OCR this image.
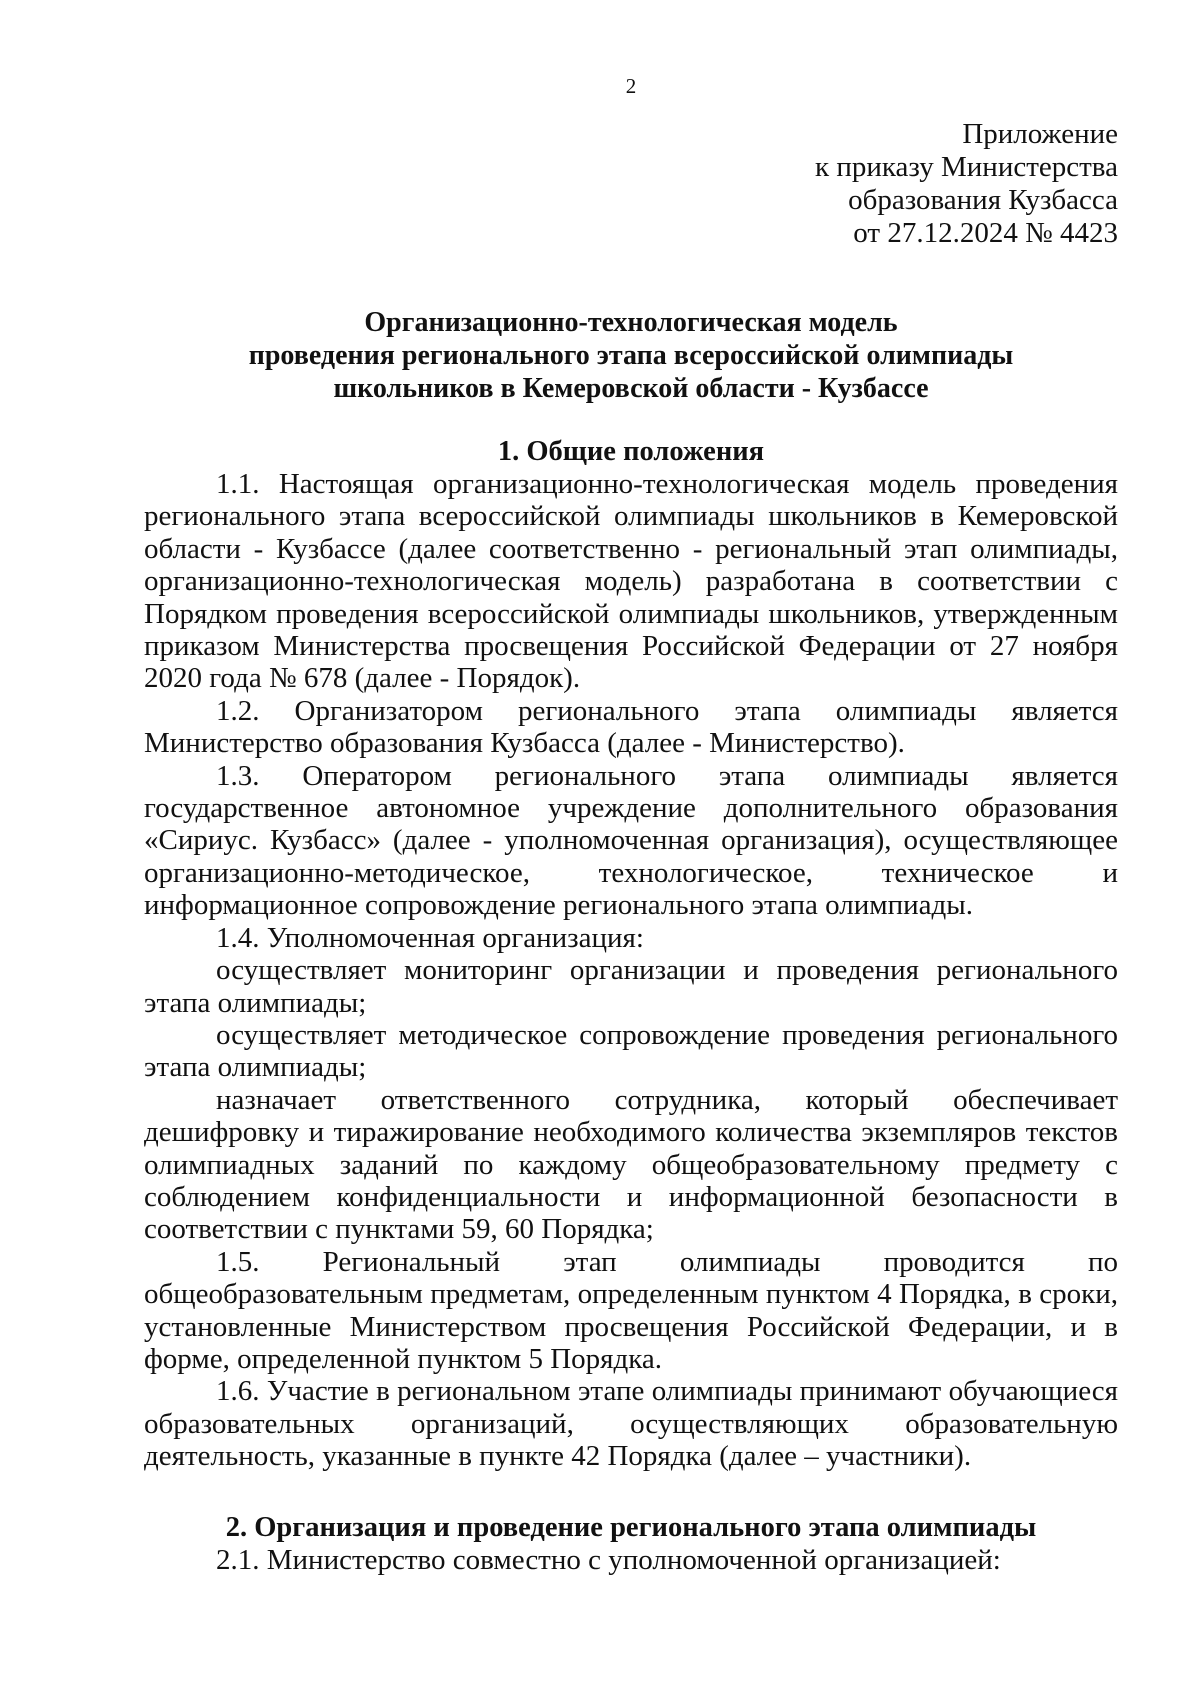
2
Приложение
к приказу Министерства
образования Кузбасса
от 27.12.2024 № 4423
Организационно-технологическая модель
проведения регионального этапа всероссийской олимпиады
школьников в Кемеровской области - Кузбассе
1. Общие положения

1.1. Настоящая организационно-технологическая модель проведения регионального этапа всероссийской олимпиады школьников в Кемеровской области - Кузбассе (далее соответственно - региональный этап олимпиады, организационно-технологическая модель) разработана в соответствии с Порядком проведения всероссийской олимпиады школьников, утвержденным приказом Министерства просвещения Российской Федерации от 27 ноября 2020 года № 678 (далее - Порядок).

1.2. Организатором регионального этапа олимпиады является Министерство образования Кузбасса (далее - Министерство).

1.3. Оператором регионального этапа олимпиады является государственное автономное учреждение дополнительного образования «Сириус. Кузбасс» (далее - уполномоченная организация), осуществляющее организационно-методическое, технологическое, техническое и информационное сопровождение регионального этапа олимпиады.

1.4. Уполномоченная организация:

осуществляет мониторинг организации и проведения регионального этапа олимпиады;

осуществляет методическое сопровождение проведения регионального этапа олимпиады;

назначает ответственного сотрудника, который обеспечивает дешифровку и тиражирование необходимого количества экземпляров текстов олимпиадных заданий по каждому общеобразовательному предмету с соблюдением конфиденциальности и информационной безопасности в соответствии с пунктами 59, 60 Порядка;

1.5. Региональный этап олимпиады проводится по общеобразовательным предметам, определенным пунктом 4 Порядка, в сроки, установленные Министерством просвещения Российской Федерации, и в форме, определенной пунктом 5 Порядка.

1.6. Участие в региональном этапе олимпиады принимают обучающиеся образовательных организаций, осуществляющих образовательную деятельность, указанные в пункте 42 Порядка (далее – участники).

2. Организация и проведение регионального этапа олимпиады

2.1. Министерство совместно с уполномоченной организацией:
